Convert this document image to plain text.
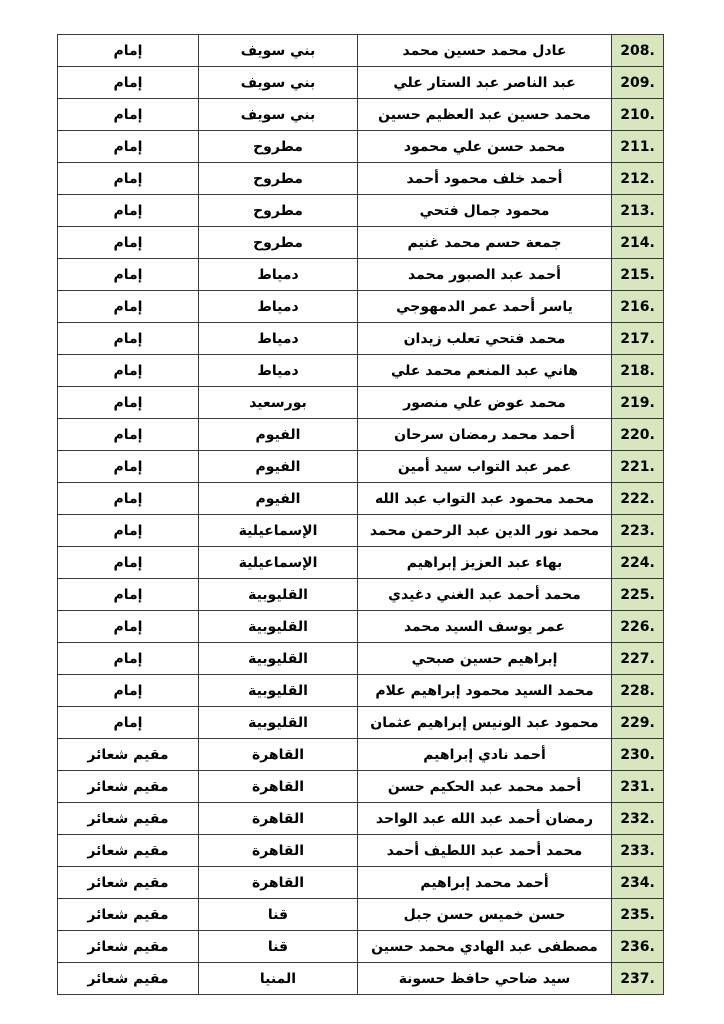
إمام	بني سويف	عادل محمد حسين محمد	208.
إمام	بني سويف	عبد الناصر عبد الستار علي	209.
إمام	بني سويف	محمد حسين عبد العظيم حسين	210.
إمام	مطروح	محمد حسن علي محمود	211.
إمام	مطروح	أحمد خلف محمود أحمد	212.
إمام	مطروح	محمود جمال فتحي	213.
إمام	مطروح	جمعة حسم محمد غنيم	214.
إمام	دمياط	أحمد عبد الصبور محمد	215.
إمام	دمياط	ياسر أحمد عمر الدمهوجي	216.
إمام	دمياط	محمد فتحي تعلب زيدان	217.
إمام	دمياط	هاني عبد المنعم محمد علي	218.
إمام	بورسعيد	محمد عوض علي منصور	219.
إمام	الفيوم	أحمد محمد رمضان سرحان	220.
إمام	الفيوم	عمر عبد التواب سيد أمين	221.
إمام	الفيوم	محمد محمود عبد التواب عبد الله	222.
إمام	الإسماعيلية	محمد نور الدين عبد الرحمن محمد	223.
إمام	الإسماعيلية	بهاء عبد العزيز إبراهيم	224.
إمام	القليوبية	محمد أحمد عبد الغني دغيدي	225.
إمام	القليوبية	عمر يوسف السيد محمد	226.
إمام	القليوبية	إبراهيم حسين صبحي	227.
إمام	القليوبية	محمد السيد محمود إبراهيم علام	228.
إمام	القليوبية	محمود عبد الونيس إبراهيم عثمان	229.
مقيم شعائر	القاهرة	أحمد نادي إبراهيم	230.
مقيم شعائر	القاهرة	أحمد محمد عبد الحكيم حسن	231.
مقيم شعائر	القاهرة	رمضان أحمد عبد الله عبد الواحد	232.
مقيم شعائر	القاهرة	محمد أحمد عبد اللطيف أحمد	233.
مقيم شعائر	القاهرة	أحمد محمد إبراهيم	234.
مقيم شعائر	قنا	حسن خميس حسن جبل	235.
مقيم شعائر	قنا	مصطفى عبد الهادي محمد حسين	236.
مقيم شعائر	المنيا	سيد ضاحي حافظ حسونة	237.
